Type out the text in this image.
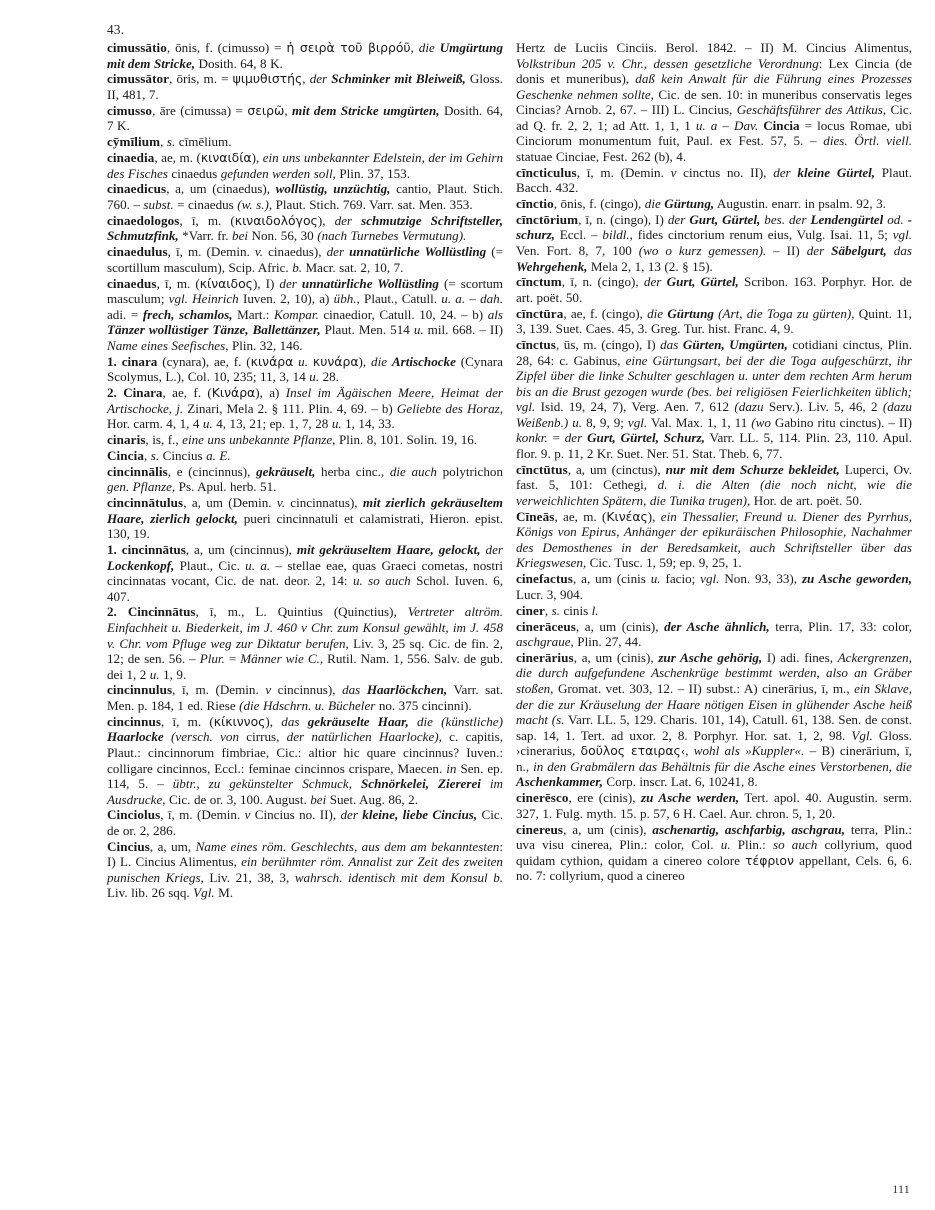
43.

cimussātio, ōnis, f. (cimusso) = ἡ σειρὰ τοῦ βιρρόῦ, die Umgürtung mit dem Stricke, Dosith. 64, 8 K.

cimussātor, ōris, m. = ψιμυθιστής, der Schminker mit Bleiweiß, Gloss. II, 481, 7.

cimusso, āre (cimussa) = σειρῶ, mit dem Stricke umgürten, Dosith. 64, 7 K.

cȳmīlium, s. cīmēlium.

cinaedia, ae, m. (κιναιδία), ein uns unbekannter Edelstein, der im Gehirn des Fisches cinaedus gefunden werden soll, Plin. 37, 153.

cinaedicus, a, um (cinaedus), wollüstig, unzüchtig, cantio, Plaut. Stich. 760. – subst. = cinaedus (w. s.), Plaut. Stich. 769. Varr. sat. Men. 353.

cinaedologos, ī, m. (κιναιδολόγος), der schmutzige Schriftsteller, Schmutzfink, *Varr. fr. bei Non. 56, 30 (nach Turnebes Vermutung).

cinaedulus, ī, m. (Demin. v. cinaedus), der unnatürliche Wollüstling (= scortillum masculum), Scip. Afric. b. Macr. sat. 2, 10, 7.

cinaedus, ī, m. (κίναιδος), I) der unnatürliche Wollüstling (= scortum masculum; vgl. Heinrich Iuven. 2, 10), a) übh., Plaut., Catull. u. a. – dah. adi. = frech, schamlos, Mart.: Kompar. cinaedior, Catull. 10, 24. – b) als Tänzer wollüstiger Tänze, Ballettänzer, Plaut. Men. 514 u. mil. 668. – II) Name eines Seefisches, Plin. 32, 146.

1. cinara (cynara), ae, f. (κινάρα u. κυνάρα), die Artischocke (Cynara Scolymus, L.), Col. 10, 235; 11, 3, 14 u. 28.

2. Cinara, ae, f. (Κινάρα), a) Insel im Ägäischen Meere, Heimat der Artischocke, j. Zinari, Mela 2. § 111. Plin. 4, 69. – b) Geliebte des Horaz, Hor. carm. 4, 1, 4 u. 4, 13, 21; ep. 1, 7, 28 u. 1, 14, 33.

cinaris, is, f., eine uns unbekannte Pflanze, Plin. 8, 101. Solin. 19, 16.

Cincia, s. Cincius a. E.

cincinnālis, e (cincinnus), gekräuselt, herba cinc., die auch polytrichon gen. Pflanze, Ps. Apul. herb. 51.

cincinnātulus, a, um (Demin. v. cincinnatus), mit zierlich gekräuseltem Haare, zierlich gelockt, pueri cincinnatuli et calamistrati, Hieron. epist. 130, 19.

1. cincinnātus, a, um (cincinnus), mit gekräuseltem Haare, gelockt, der Lockenkopf, Plaut., Cic. u. a. – stellae eae, quas Graeci cometas, nostri cincinnatas vocant, Cic. de nat. deor. 2, 14: u. so auch Schol. Iuven. 6, 407.

2. Cincinnātus, ī, m., L. Quintius (Quinctius), Vertreter altröm. Einfachheit u. Biederkeit, im J. 460 v Chr. zum Konsul gewählt, im J. 458 v. Chr. vom Pfluge weg zur Diktatur berufen, Liv. 3, 25 sq. Cic. de fin. 2, 12; de sen. 56. – Plur. = Männer wie C., Rutil. Nam. 1, 556. Salv. de gub. dei 1, 2 u. 1, 9.

cincinnulus, ī, m. (Demin. v cincinnus), das Haarlöckchen, Varr. sat. Men. p. 184, 1 ed. Riese (die Hdschrn. u. Bücheler no. 375 cincinni).

cincinnus, ī, m. (κίκιννος), das gekräuselte Haar, die (künstliche) Haarlocke (versch. von cirrus, der natürlichen Haarlocke), c. capitis, Plaut.: cincinnorum fimbriae, Cic.: altior hic quare cincinnus? Iuven.: colligare cincinnos, Eccl.: feminae cincinnos crispare, Maecen. in Sen. ep. 114, 5. – übtr., zu gekünstelter Schmuck, Schnörkelei, Ziererei im Ausdrucke, Cic. de or. 3, 100. August. bei Suet. Aug. 86, 2.

Cinciolus, ī, m. (Demin. v Cincius no. II), der kleine, liebe Cincius, Cic. de or. 2, 286.

Cincius, a, um, Name eines röm. Geschlechts, aus dem am bekanntesten: I) L. Cincius Alimentus, ein berühmter röm. Annalist zur Zeit des zweiten punischen Kriegs, Liv. 21, 38, 3, wahrsch. identisch mit dem Konsul b. Liv. lib. 26 sqq. Vgl. M.

Hertz de Luciis Cinciis. Berol. 1842. – II) M. Cincius Alimentus, Volkstribun 205 v. Chr., dessen gesetzliche Verordnung: Lex Cincia (de donis et muneribus), daß kein Anwalt für die Führung eines Prozesses Geschenke nehmen sollte, Cic. de sen. 10: in muneribus conservatis leges Cincias? Arnob. 2, 67. – III) L. Cincius, Geschäftsführer des Attikus, Cic. ad Q. fr. 2, 2, 1; ad Att. 1, 1, 1 u. a – Dav. Cincia = locus Romae, ubi Cinciorum monumentum fuit, Paul. ex Fest. 57, 5. – dies. Örtl. viell. statuae Cinciae, Fest. 262 (b), 4.

cīncticulus, ī, m. (Demin. v cinctus no. II), der kleine Gürtel, Plaut. Bacch. 432.

cīnctio, ōnis, f. (cingo), die Gürtung, Augustin. enarr. in psalm. 92, 3.

cīnctōrium, ī, n. (cingo), I) der Gurt, Gürtel, bes. der Lendengürtel od. -schurz, Eccl. – bildl., fides cinctorium renum eius, Vulg. Isai. 11, 5; vgl. Ven. Fort. 8, 7, 100 (wo o kurz gemessen). – II) der Säbelgurt, das Wehrgehenk, Mela 2, 1, 13 (2. § 15).

cīnctum, ī, n. (cingo), der Gurt, Gürtel, Scribon. 163. Porphyr. Hor. de art. poët. 50.

cīnctūra, ae, f. (cingo), die Gürtung (Art, die Toga zu gürten), Quint. 11, 3, 139. Suet. Caes. 45, 3. Greg. Tur. hist. Franc. 4, 9.

cīnctus, ūs, m. (cingo), I) das Gürten, Umgürten, cotidiani cinctus, Plin. 28, 64: c. Gabinus, eine Gürtungsart, bei der die Toga aufgeschürzt, ihr Zipfel über die linke Schulter geschlagen u. unter dem rechten Arm herum bis an die Brust gezogen wurde (bes. bei religiösen Feierlichkeiten üblich; vgl. Isid. 19, 24, 7), Verg. Aen. 7, 612 (dazu Serv.). Liv. 5, 46, 2 (dazu Weißenb.) u. 8, 9, 9; vgl. Val. Max. 1, 1, 11 (wo Gabino ritu cinctus). – II) konkr. = der Gurt, Gürtel, Schurz, Varr. LL. 5, 114. Plin. 23, 110. Apul. flor. 9. p. 11, 2 Kr. Suet. Ner. 51. Stat. Theb. 6, 77.

cīnctūtus, a, um (cinctus), nur mit dem Schurze bekleidet, Luperci, Ov. fast. 5, 101: Cethegi, d. i. die Alten (die noch nicht, wie die verweichlichten Spätern, die Tunika trugen), Hor. de art. poët. 50.

Cīneās, ae, m. (Κινέας), ein Thessalier, Freund u. Diener des Pyrrhus, Königs von Epirus, Anhänger der epikuräischen Philosophie, Nachahmer des Demosthenes in der Beredsamkeit, auch Schriftsteller über das Kriegswesen, Cic. Tusc. 1, 59; ep. 9, 25, 1.

cinefactus, a, um (cinis u. facio; vgl. Non. 93, 33), zu Asche geworden, Lucr. 3, 904.

ciner, s. cinis l.

cinerāceus, a, um (cinis), der Asche ähnlich, terra, Plin. 17, 33: color, aschgraue, Plin. 27, 44.

cinerārius, a, um (cinis), zur Asche gehörig, I) adi. fines, Ackergrenzen, die durch aufgefundene Aschenkrüge bestimmt werden, also an Gräber stoßen, Gromat. vet. 303, 12. – II) subst.: A) cinerārius, ī, m., ein Sklave, der die zur Kräuselung der Haare nötigen Eisen in glühender Asche heiß macht (s. Varr. LL. 5, 129. Charis. 101, 14), Catull. 61, 138. Sen. de const. sap. 14, 1. Tert. ad uxor. 2, 8. Porphyr. Hor. sat. 1, 2, 98. Vgl. Gloss. ›cinerarius, δοῦλος εταιρας‹, wohl als »Kuppler«. – B) cinerārium, ī, n., in den Grabmälern das Behältnis für die Asche eines Verstorbenen, die Aschenkammer, Corp. inscr. Lat. 6, 10241, 8.

cinerēsco, ere (cinis), zu Asche werden, Tert. apol. 40. Augustin. serm. 327, 1. Fulg. myth. 15. p. 57, 6 H. Cael. Aur. chron. 5, 1, 20.

cinereus, a, um (cinis), aschenartig, aschfarbig, aschgrau, terra, Plin.: uva visu cinerea, Plin.: color, Col. u. Plin.: so auch collyrium, quod quidam cythion, quidam a cinereo colore τέφριον appellant, Cels. 6, 6. no. 7: collyrium, quod a cinereo

111
